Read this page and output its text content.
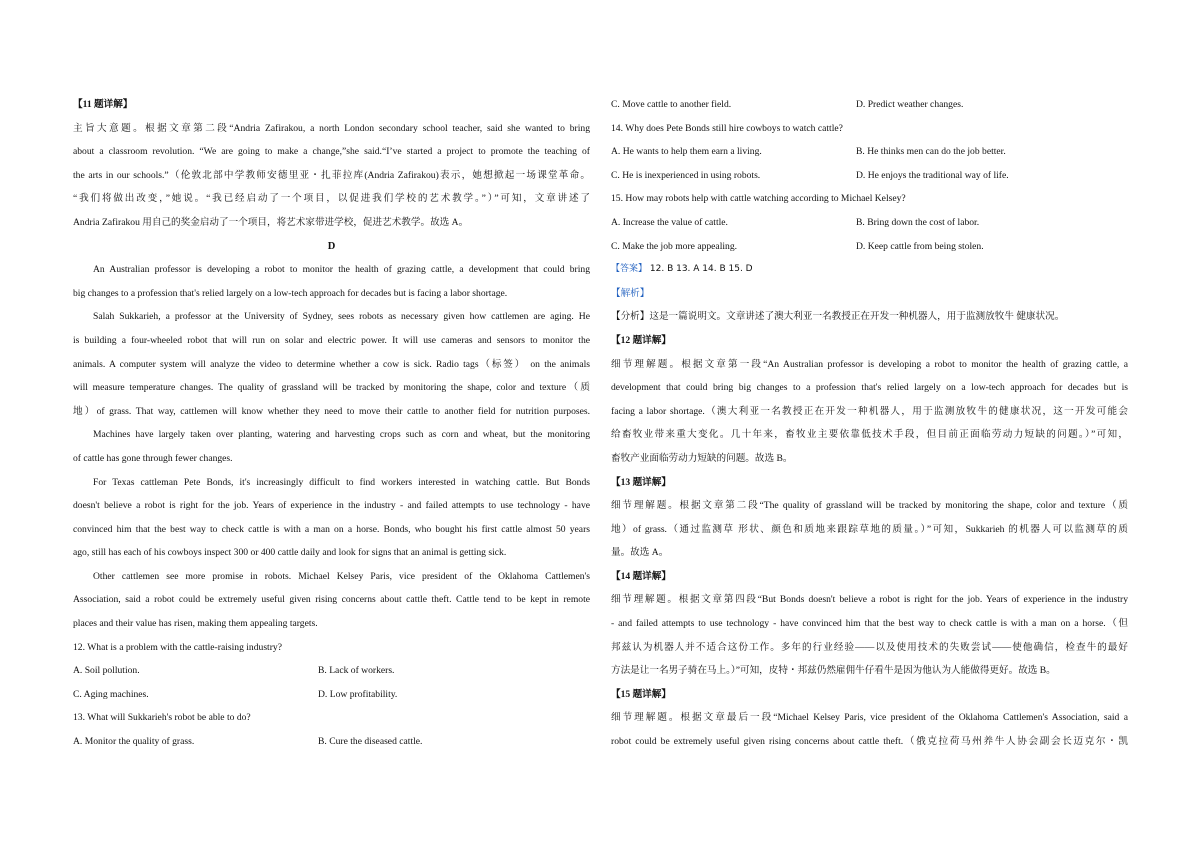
【11 题详解】
主旨大意题。根据文章第二段“Andria Zafirakou, a north London secondary school teacher, said she wanted to bring
about a classroom revolution. “We are going to make a change,”she said.“I’ve started a project to promote the teaching of
the arts in our schools.”（伦敦北部中学教师安德里亚・扎菲拉库(Andria Zafirakou)表示，她想掀起一场课堂革命。
“我们将做出改变，”她说。“我已经启动了一个项目，以促进我们学校的艺术教学。”）”可知，文章讲述了
Andria Zafirakou 用自己的奖金启动了一个项目，将艺术家带进学校，促进艺术教学。故选 A。
D
An Australian professor is developing a robot to monitor the health of grazing cattle, a development that could bring
big changes to a profession that's relied largely on a low-tech approach for decades but is facing a labor shortage.
Salah Sukkarieh, a professor at the University of Sydney, sees robots as necessary given how cattlemen are aging. He
is building a four-wheeled robot that will run on solar and electric power. It will use cameras and sensors to monitor the
animals. A computer system will analyze the video to determine whether a cow is sick. Radio tags（标签） on the animals
will measure temperature changes. The quality of grassland will be tracked by monitoring the shape, color and texture（质
地）of grass. That way, cattlemen will know whether they need to move their cattle to another field for nutrition purposes.
Machines have largely taken over planting, watering and harvesting crops such as corn and wheat, but the monitoring
of cattle has gone through fewer changes.
For Texas cattleman Pete Bonds, it's increasingly difficult to find workers interested in watching cattle. But Bonds
doesn't believe a robot is right for the job. Years of experience in the industry - and failed attempts to use technology - have
convinced him that the best way to check cattle is with a man on a horse. Bonds, who bought his first cattle almost 50 years
ago, still has each of his cowboys inspect 300 or 400 cattle daily and look for signs that an animal is getting sick.
Other cattlemen see more promise in robots. Michael Kelsey Paris, vice president of the Oklahoma Cattlemen's
Association, said a robot could be extremely useful given rising concerns about cattle theft. Cattle tend to be kept in remote
places and their value has risen, making them appealing targets.
12. What is a problem with the cattle-raising industry?
A. Soil pollution.	B. Lack of workers.
C. Aging machines.	D. Low profitability.
13. What will Sukkarieh's robot be able to do?
A. Monitor the quality of grass.	B. Cure the diseased cattle.
C. Move cattle to another field.	D. Predict weather changes.
14. Why does Pete Bonds still hire cowboys to watch cattle?
A. He wants to help them earn a living.	B. He thinks men can do the job better.
C. He is inexperienced in using robots.	D. He enjoys the traditional way of life.
15. How may robots help with cattle watching according to Michael Kelsey?
A. Increase the value of cattle.	B. Bring down the cost of labor.
C. Make the job more appealing.	D. Keep cattle from being stolen.
【答案】 12. B 13. A 14. B 15. D
【解析】
【分析】这是一篇说明文。文章讲述了澳大利亚一名教授正在开发一种机器人，用于监测放牧牛 健康状况。
【12 题详解】
细节理解题。根据文章第一段“An Australian professor is developing a robot to monitor the health of grazing cattle, a
development that could bring big changes to a profession that's relied largely on a low-tech approach for decades but is
facing a labor shortage.（澳大利亚一名教授正在开发一种机器人，用于监测放牧牛的健康状况，这一开发可能会
给畜牧业带来重大变化。几十年来，畜牧业主要依靠低技术手段，但目前正面临劳动力短缺的问题。）”可知，
畜牧产业面临劳动力短缺的问题。故选 B。
【13 题详解】
细节理解题。根据文章第二段“The quality of grassland will be tracked by monitoring the shape, color and texture（质
地）of grass.（通过监测草 形状、颜色和质地来跟踪草地的质量。）”可知，Sukkarieh 的机器人可以监测草的质
量。故选 A。
【14 题详解】
细节理解题。根据文章第四段“But Bonds doesn't believe a robot is right for the job. Years of experience in the industry
- and failed attempts to use technology - have convinced him that the best way to check cattle is with a man on a horse.（但
邦兹认为机器人并不适合这份工作。多年的行业经验——以及使用技术的失败尝试——使他确信，检查牛的最好
方法是让一名男子骑在马上。）”可知，皮特・邦兹仍然雇佣牛仔看牛是因为他认为人能做得更好。故选 B。
【15 题详解】
细节理解题。根据文章最后一段“Michael Kelsey Paris, vice president of the Oklahoma Cattlemen's Association, said a
robot could be extremely useful given rising concerns about cattle theft.（俄克拉荷马州养牛人协会副会长迈克尔・凯
